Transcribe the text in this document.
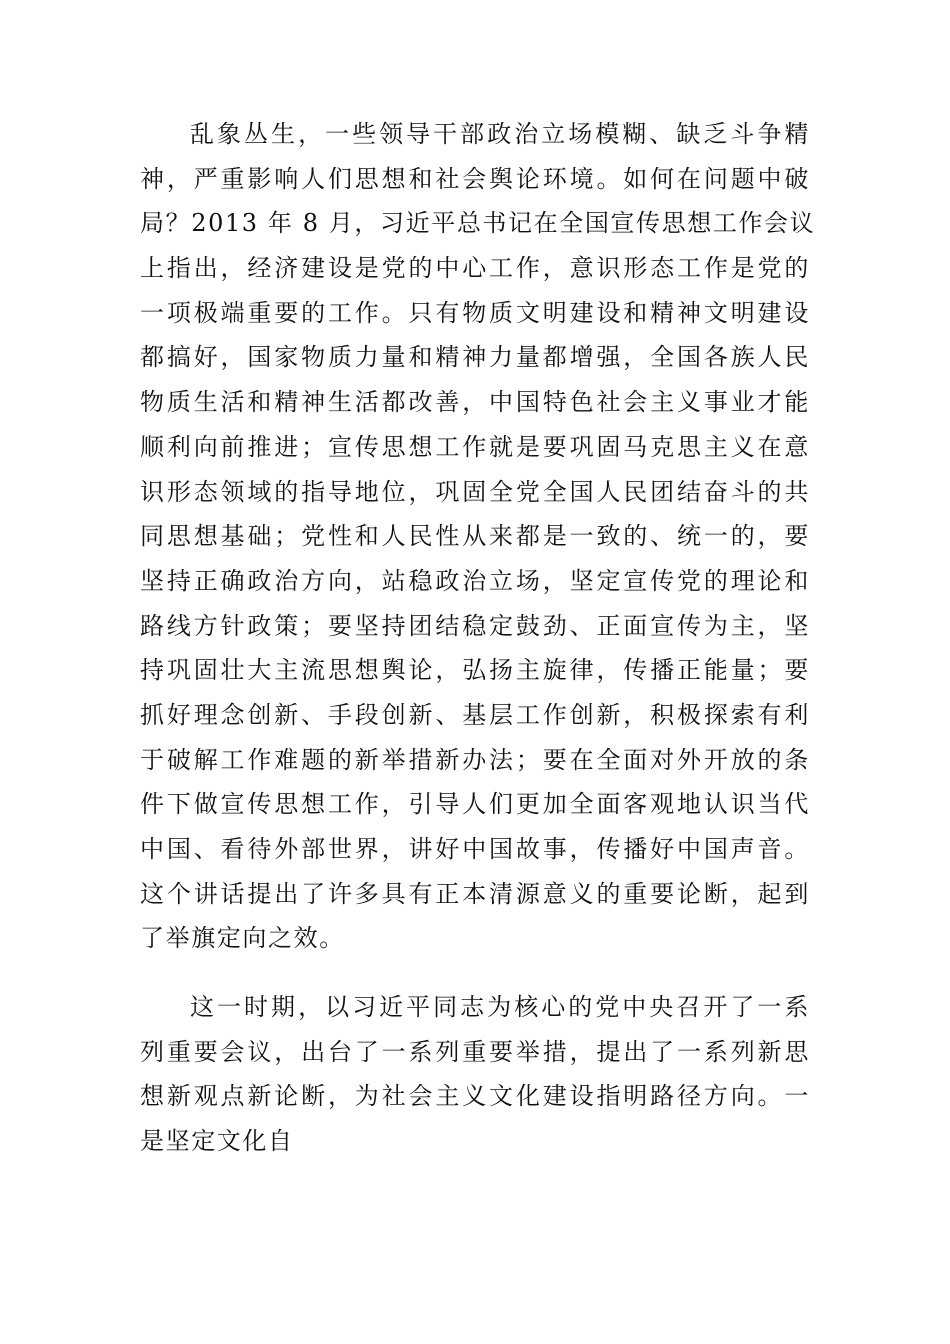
乱象丛生，一些领导干部政治立场模糊、缺乏斗争精
神，严重影响人们思想和社会舆论环境。如何在问题中破
局？2013 年 8 月，习近平总书记在全国宣传思想工作会议
上指出，经济建设是党的中心工作，意识形态工作是党的
一项极端重要的工作。只有物质文明建设和精神文明建设
都搞好，国家物质力量和精神力量都增强，全国各族人民
物质生活和精神生活都改善，中国特色社会主义事业才能
顺利向前推进；宣传思想工作就是要巩固马克思主义在意
识形态领域的指导地位，巩固全党全国人民团结奋斗的共
同思想基础；党性和人民性从来都是一致的、统一的，要
坚持正确政治方向，站稳政治立场，坚定宣传党的理论和
路线方针政策；要坚持团结稳定鼓劲、正面宣传为主，坚
持巩固壮大主流思想舆论，弘扬主旋律，传播正能量；要
抓好理念创新、手段创新、基层工作创新，积极探索有利
于破解工作难题的新举措新办法；要在全面对外开放的条
件下做宣传思想工作，引导人们更加全面客观地认识当代
中国、看待外部世界，讲好中国故事，传播好中国声音。
这个讲话提出了许多具有正本清源意义的重要论断，起到
了举旗定向之效。
这一时期，以习近平同志为核心的党中央召开了一系
列重要会议，出台了一系列重要举措，提出了一系列新思
想新观点新论断，为社会主义文化建设指明路径方向。一
是坚定文化自
